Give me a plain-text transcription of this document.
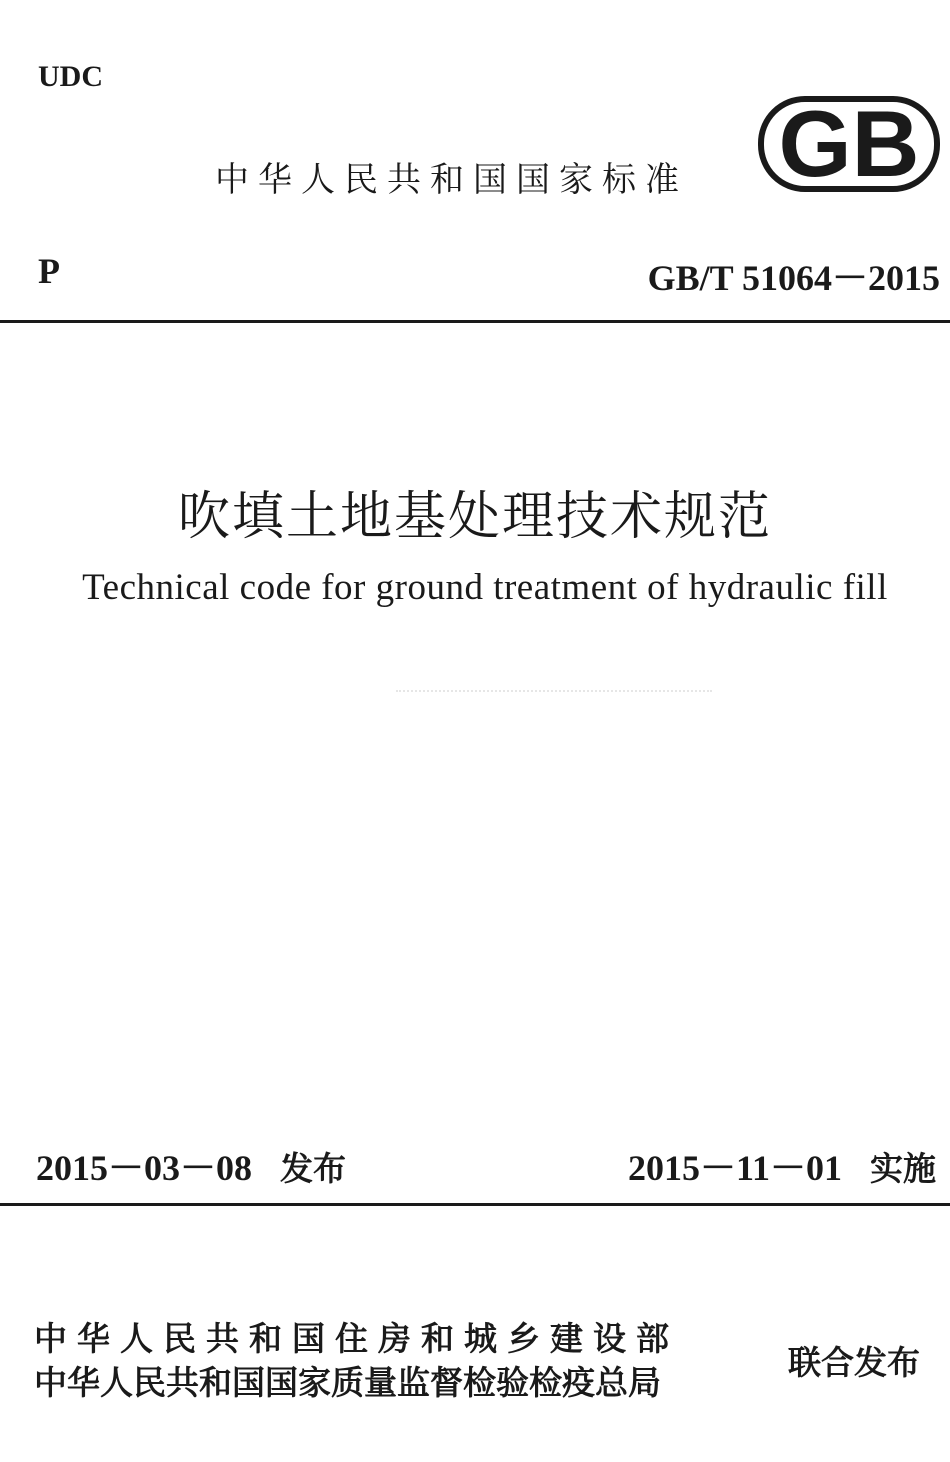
UDC
中华人民共和国国家标准 GB
P	GB/T 51064－2015
吹填土地基处理技术规范
Technical code for ground treatment of hydraulic fill
2015－03－08 发布	2015－11－01 实施
中华人民共和国住房和城乡建设部
中华人民共和国国家质量监督检验检疫总局
联合发布
